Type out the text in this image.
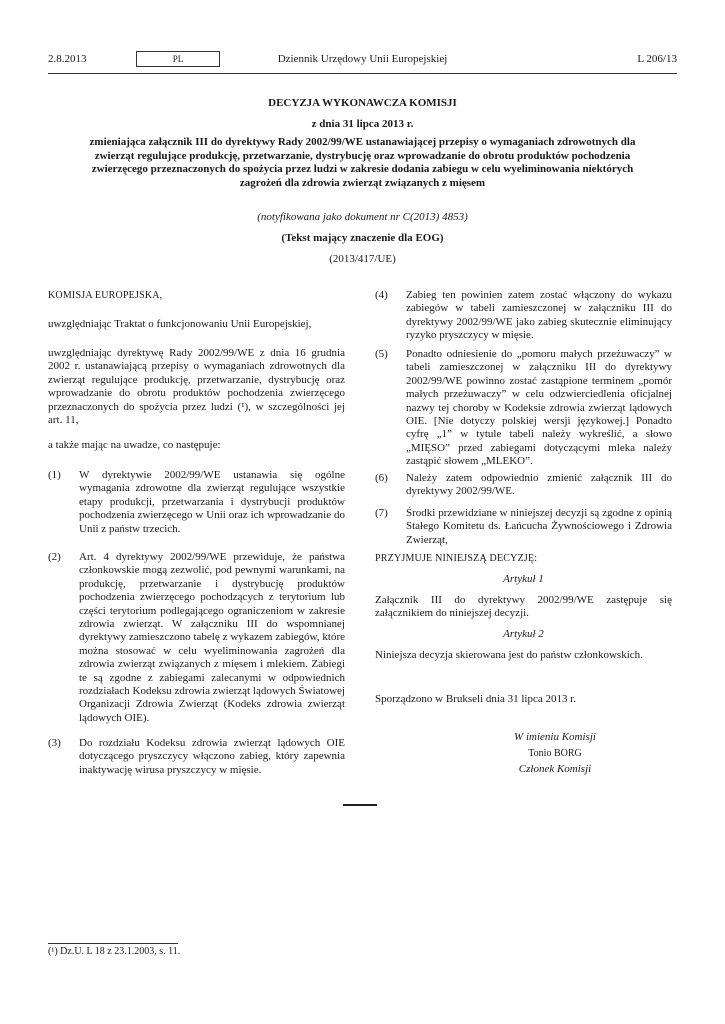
2.8.2013	PL	Dziennik Urzędowy Unii Europejskiej	L 206/13
DECYZJA WYKONAWCZA KOMISJI
z dnia 31 lipca 2013 r.
zmieniająca załącznik III do dyrektywy Rady 2002/99/WE ustanawiającej przepisy o wymaganiach zdrowotnych dla zwierząt regulujące produkcję, przetwarzanie, dystrybucję oraz wprowadzanie do obrotu produktów pochodzenia zwierzęcego przeznaczonych do spożycia przez ludzi w zakresie dodania zabiegu w celu wyeliminowania niektórych zagrożeń dla zdrowia zwierząt związanych z mięsem
(notyfikowana jako dokument nr C(2013) 4853)
(Tekst mający znaczenie dla EOG)
(2013/417/UE)

KOMISJA EUROPEJSKA,

uwzględniając Traktat o funkcjonowaniu Unii Europejskiej,

uwzględniając dyrektywę Rady 2002/99/WE z dnia 16 grudnia 2002 r. ustanawiającą przepisy o wymaganiach zdrowotnych dla zwierząt regulujące produkcję, przetwarzanie, dystrybucję oraz wprowadzanie do obrotu produktów pochodzenia zwierzęcego przeznaczonych do spożycia przez ludzi (¹), w szczególności jej art. 11,

a także mając na uwadze, co następuje:

(1) W dyrektywie 2002/99/WE ustanawia się ogólne wymagania zdrowotne dla zwierząt regulujące wszystkie etapy produkcji, przetwarzania i dystrybucji produktów pochodzenia zwierzęcego w Unii oraz ich wprowadzanie do Unii z państw trzecich.

(2) Art. 4 dyrektywy 2002/99/WE przewiduje, że państwa członkowskie mogą zezwolić, pod pewnymi warunkami, na produkcję, przetwarzanie i dystrybucję produktów pochodzenia zwierzęcego pochodzących z terytorium lub części terytorium podlegającego ograniczeniom w zakresie zdrowia zwierząt. W załączniku III do wspomnianej dyrektywy zamieszczono tabelę z wykazem zabiegów, które można stosować w celu wyeliminowania zagrożeń dla zdrowia zwierząt związanych z mięsem i mlekiem. Zabiegi te są zgodne z zabiegami zalecanymi w odpowiednich rozdziałach Kodeksu zdrowia zwierząt lądowych Światowej Organizacji Zdrowia Zwierząt (Kodeks zdrowia zwierząt lądowych OIE).

(3) Do rozdziału Kodeksu zdrowia zwierząt lądowych OIE dotyczącego pryszczycy włączono zabieg, który zapewnia inaktywację wirusa pryszczycy w mięsie.

(4) Zabieg ten powinien zatem zostać włączony do wykazu zabiegów w tabeli zamieszczonej w załączniku III do dyrektywy 2002/99/WE jako zabieg skutecznie eliminujący ryzyko pryszczycy w mięsie.

(5) Ponadto odniesienie do „pomoru małych przeżuwaczy” w tabeli zamieszczonej w załączniku III do dyrektywy 2002/99/WE powinno zostać zastąpione terminem „pomór małych przeżuwaczy” w celu odzwierciedlenia oficjalnej nazwy tej choroby w Kodeksie zdrowia zwierząt lądowych OIE. [Nie dotyczy polskiej wersji językowej.] Ponadto cyfrę „1” w tytule tabeli należy wykreślić, a słowo „MIĘSO” przed zabiegami dotyczącymi mleka należy zastąpić słowem „MLEKO”.

(6) Należy zatem odpowiednio zmienić załącznik III do dyrektywy 2002/99/WE.

(7) Środki przewidziane w niniejszej decyzji są zgodne z opinią Stałego Komitetu ds. Łańcucha Żywnościowego i Zdrowia Zwierząt,

PRZYJMUJE NINIEJSZĄ DECYZJĘ:

Artykuł 1

Załącznik III do dyrektywy 2002/99/WE zastępuje się załącznikiem do niniejszej decyzji.

Artykuł 2

Niniejsza decyzja skierowana jest do państw członkowskich.

Sporządzono w Brukseli dnia 31 lipca 2013 r.

W imieniu Komisji

Tonio BORG

Członek Komisji

(¹) Dz.U. L 18 z 23.1.2003, s. 11.
